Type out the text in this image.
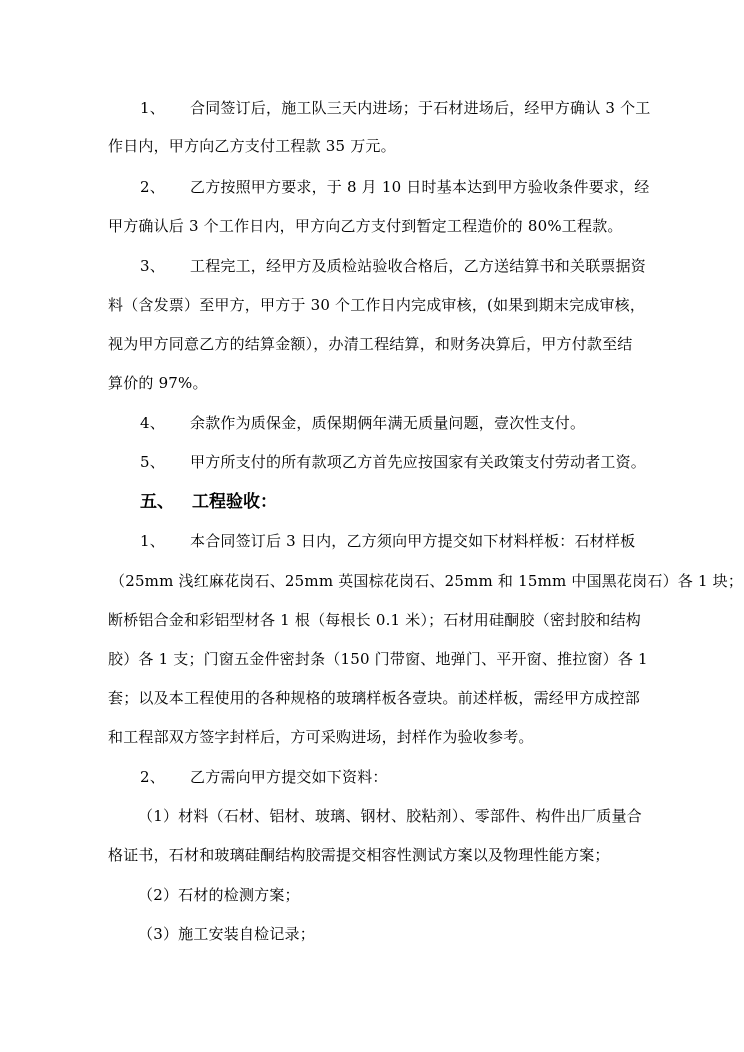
1、 合同签订后，施工队三天内进场；于石材进场后，经甲方确认 3 个工
作日内，甲方向乙方支付工程款 35 万元。
2、 乙方按照甲方要求，于 8 月 10 日时基本达到甲方验收条件要求，经
甲方确认后 3 个工作日内，甲方向乙方支付到暂定工程造价的 80%工程款。
3、 工程完工，经甲方及质检站验收合格后，乙方送结算书和关联票据资
料（含发票）至甲方，甲方于 30 个工作日内完成审核，(如果到期末完成审核，
视为甲方同意乙方的结算金额），办清工程结算，和财务决算后，甲方付款至结
算价的 97%。
4、 余款作为质保金，质保期俩年满无质量问题，壹次性支付。
5、 甲方所支付的所有款项乙方首先应按国家有关政策支付劳动者工资。
五、 工程验收：
1、 本合同签订后 3 日内，乙方须向甲方提交如下材料样板：石材样板
（25mm 浅红麻花岗石、25mm 英国棕花岗石、25mm 和 15mm 中国黑花岗石）各 1 块；
断桥铝合金和彩铝型材各 1 根（每根长 0.1 米）；石材用硅酮胶（密封胶和结构
胶）各 1 支；门窗五金件密封条（150 门带窗、地弹门、平开窗、推拉窗）各 1
套；以及本工程使用的各种规格的玻璃样板各壹块。前述样板，需经甲方成控部
和工程部双方签字封样后，方可采购进场，封样作为验收参考。
2、 乙方需向甲方提交如下资料：
（1）材料（石材、铝材、玻璃、钢材、胶粘剂）、零部件、构件出厂质量合
格证书，石材和玻璃硅酮结构胶需提交相容性测试方案以及物理性能方案；
（2）石材的检测方案；
（3）施工安装自检记录；
